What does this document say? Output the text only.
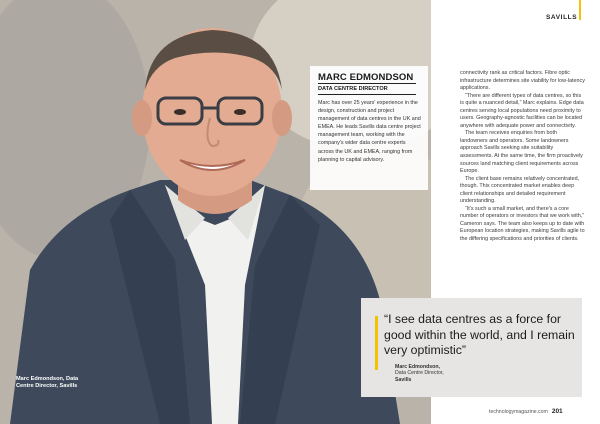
Marc Edmondson, Data Centre Director, Savills
MARC EDMONDSON
DATA CENTRE DIRECTOR
Marc has over 25 years' experience in the design, construction and project management of data centres in the UK and EMEA. He leads Savills data centre project management team, working with the company's wider data centre experts across the UK and EMEA, ranging from planning to capital advisory.
SAVILLS

connectivity rank as critical factors. Fibre optic infrastructure determines site viability for low-latency applications.

“There are different types of data centres, so this is quite a nuanced detail,” Marc explains. Edge data centres serving local populations need proximity to users. Geography-agnostic facilities can be located anywhere with adequate power and connectivity.

The team receives enquiries from both landowners and operators. Some landowners approach Savills seeking site suitability assessments. At the same time, the firm proactively sources land matching client requirements across Europe.

The client base remains relatively concentrated, though. This concentrated market enables deep client relationships and detailed requirement understanding.

“It's such a small market, and there's a core number of operators or investors that we work with,” Cameron says. The team also keeps up to date with European location strategies, making Savills agile to the differing specifications and priorities of clients.

“I see data centres as a force for good within the world, and I remain very optimistic”
Marc Edmondson,
Data Centre Director,
Savills
technologymagazine.com 201
